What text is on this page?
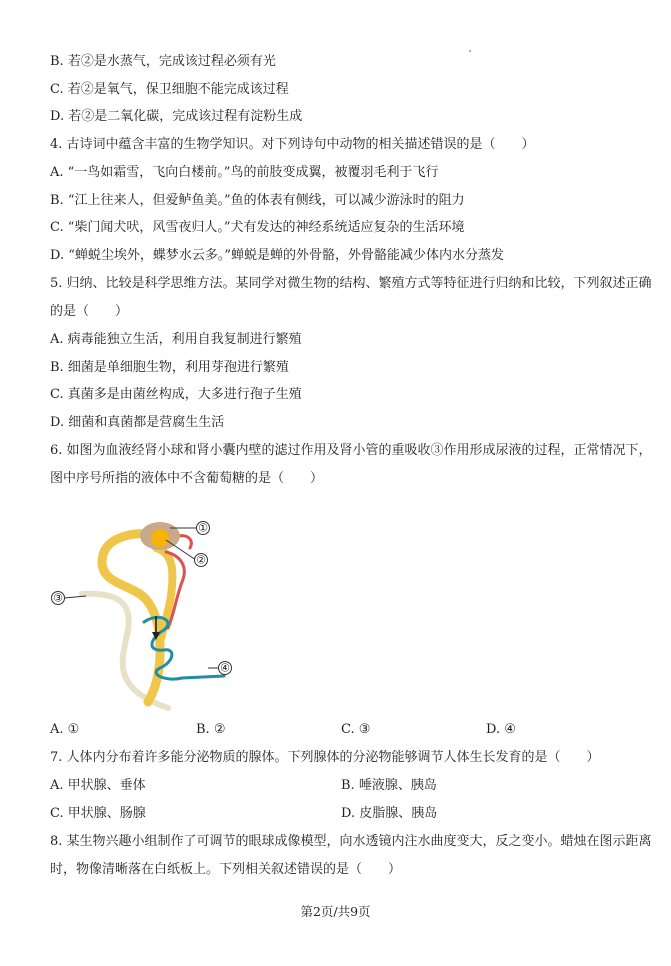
B. 若②是水蒸气，完成该过程必须有光
C. 若②是氧气，保卫细胞不能完成该过程
D. 若②是二氧化碳，完成该过程有淀粉生成
4. 古诗词中蕴含丰富的生物学知识。对下列诗句中动物的相关描述错误的是（　　）
A. “一鸟如霜雪，飞向白楼前。”鸟的前肢变成翼，被覆羽毛利于飞行
B. “江上往来人，但爱鲈鱼美。”鱼的体表有侧线，可以减少游泳时的阻力
C. “柴门闻犬吠，风雪夜归人。”犬有发达的神经系统适应复杂的生活环境
D. “蝉蜕尘埃外，蝶梦水云多。”蝉蜕是蝉的外骨骼，外骨骼能减少体内水分蒸发
5. 归纳、比较是科学思维方法。某同学对微生物的结构、繁殖方式等特征进行归纳和比较，下列叙述正确
的是（　　）
A. 病毒能独立生活，利用自我复制进行繁殖
B. 细菌是单细胞生物，利用芽孢进行繁殖
C. 真菌多是由菌丝构成，大多进行孢子生殖
D. 细菌和真菌都是营腐生生活
6. 如图为血液经肾小球和肾小囊内壁的滤过作用及肾小管的重吸收③作用形成尿液的过程，正常情况下，
图中序号所指的液体中不含葡萄糖的是（　　）
①
②
③
④
A. ①	B. ②	C. ③	D. ④
7. 人体内分布着许多能分泌物质的腺体。下列腺体的分泌物能够调节人体生长发育的是（　　）
A. 甲状腺、垂体	B. 唾液腺、胰岛
C. 甲状腺、肠腺	D. 皮脂腺、胰岛
8. 某生物兴趣小组制作了可调节的眼球成像模型，向水透镜内注水曲度变大，反之变小。蜡烛在图示距离
时，物像清晰落在白纸板上。下列相关叙述错误的是（　　）
第2页/共9页
